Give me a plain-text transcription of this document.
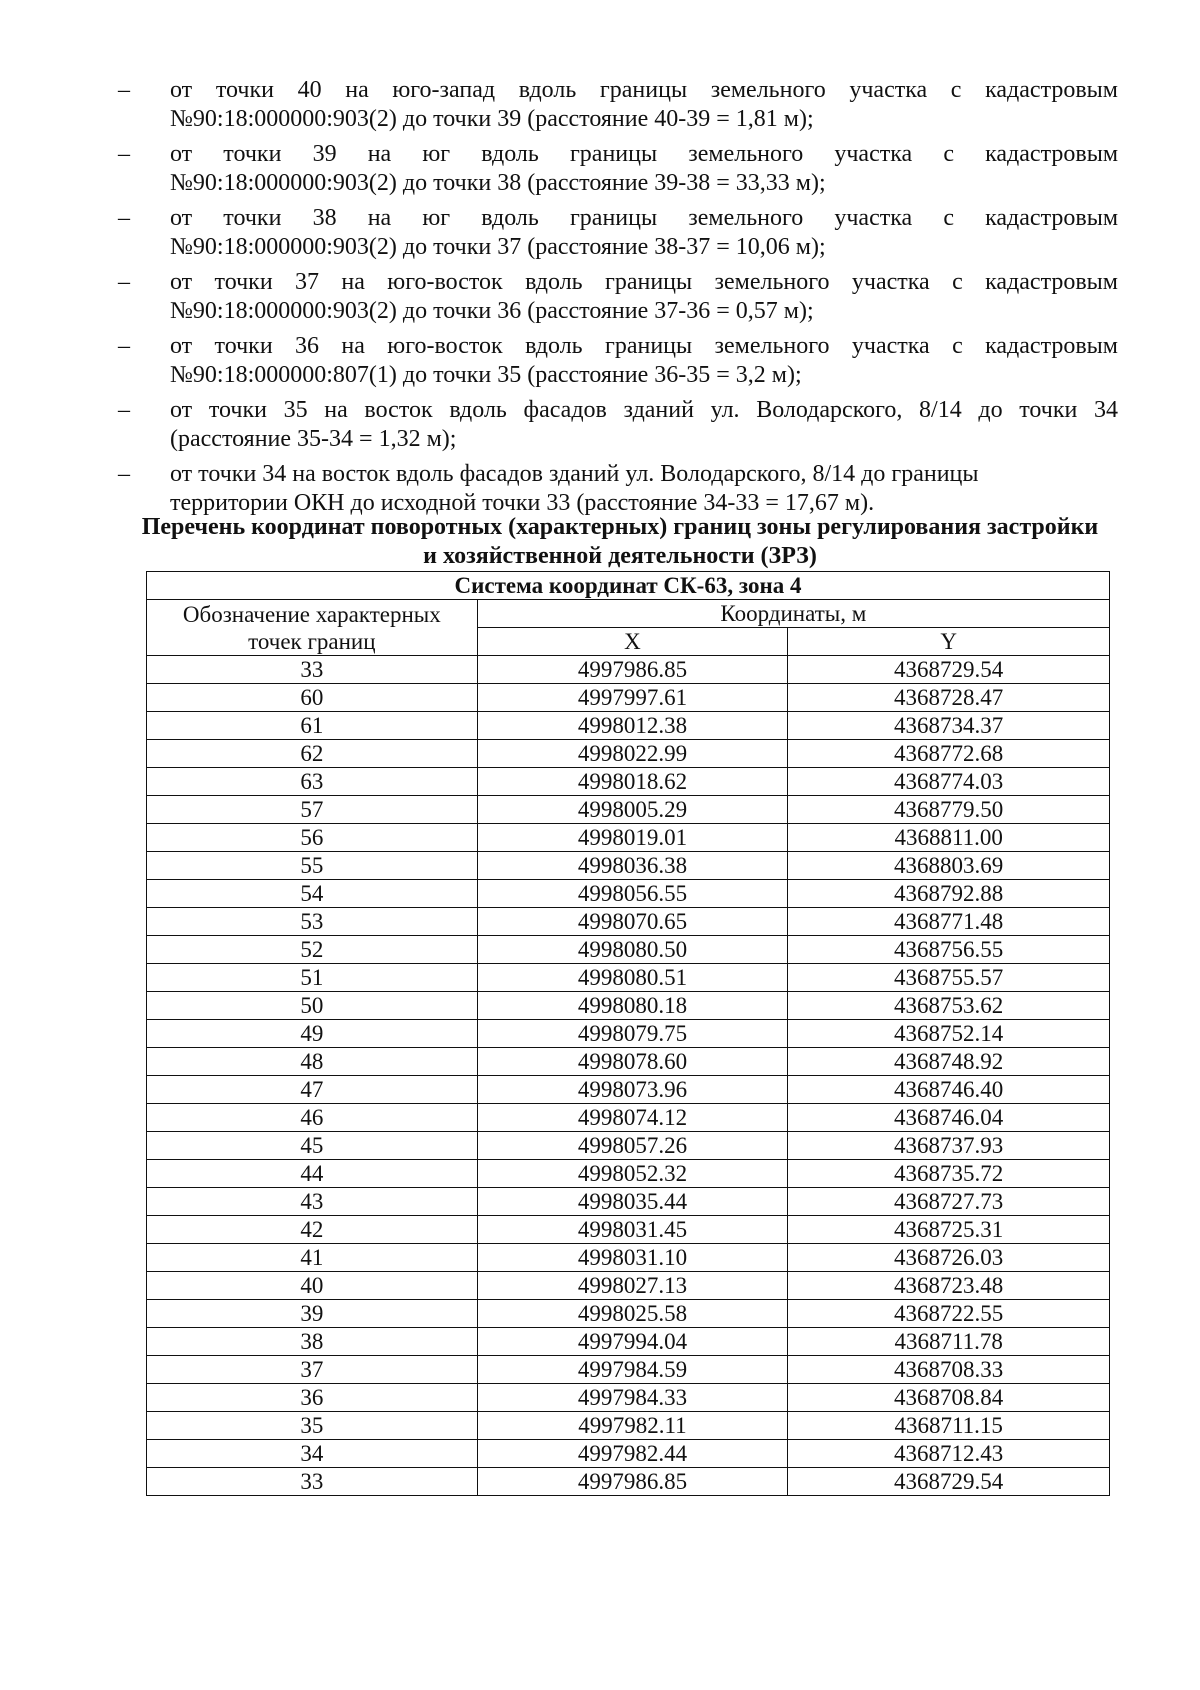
– от точки 40 на юго-запад вдоль границы земельного участка с кадастровым
№90:18:000000:903(2) до точки 39 (расстояние 40-39 = 1,81 м);
– от точки 39 на юг вдоль границы земельного участка с кадастровым
№90:18:000000:903(2) до точки 38 (расстояние 39-38 = 33,33 м);
– от точки 38 на юг вдоль границы земельного участка с кадастровым
№90:18:000000:903(2) до точки 37 (расстояние 38-37 = 10,06 м);
– от точки 37 на юго-восток вдоль границы земельного участка с кадастровым
№90:18:000000:903(2) до точки 36 (расстояние 37-36 = 0,57 м);
– от точки 36 на юго-восток вдоль границы земельного участка с кадастровым
№90:18:000000:807(1) до точки 35 (расстояние 36-35 = 3,2 м);
– от точки 35 на восток вдоль фасадов зданий ул. Володарского, 8/14 до точки 34
(расстояние 35-34 = 1,32 м);
– от точки 34 на восток вдоль фасадов зданий ул. Володарского, 8/14 до границы
территории ОКН до исходной точки 33 (расстояние 34-33 = 17,67 м).
Перечень координат поворотных (характерных) границ зоны регулирования застройки
и хозяйственной деятельности (ЗРЗ)
Система координат СК-63, зона 4		

Обозначение характерных
точек границ	Координаты, м	
	X	Y
33	4997986.85	4368729.54
60	4997997.61	4368728.47
61	4998012.38	4368734.37
62	4998022.99	4368772.68
63	4998018.62	4368774.03
57	4998005.29	4368779.50
56	4998019.01	4368811.00
55	4998036.38	4368803.69
54	4998056.55	4368792.88
53	4998070.65	4368771.48
52	4998080.50	4368756.55
51	4998080.51	4368755.57
50	4998080.18	4368753.62
49	4998079.75	4368752.14
48	4998078.60	4368748.92
47	4998073.96	4368746.40
46	4998074.12	4368746.04
45	4998057.26	4368737.93
44	4998052.32	4368735.72
43	4998035.44	4368727.73
42	4998031.45	4368725.31
41	4998031.10	4368726.03
40	4998027.13	4368723.48
39	4998025.58	4368722.55
38	4997994.04	4368711.78
37	4997984.59	4368708.33
36	4997984.33	4368708.84
35	4997982.11	4368711.15
34	4997982.44	4368712.43
33	4997986.85	4368729.54
